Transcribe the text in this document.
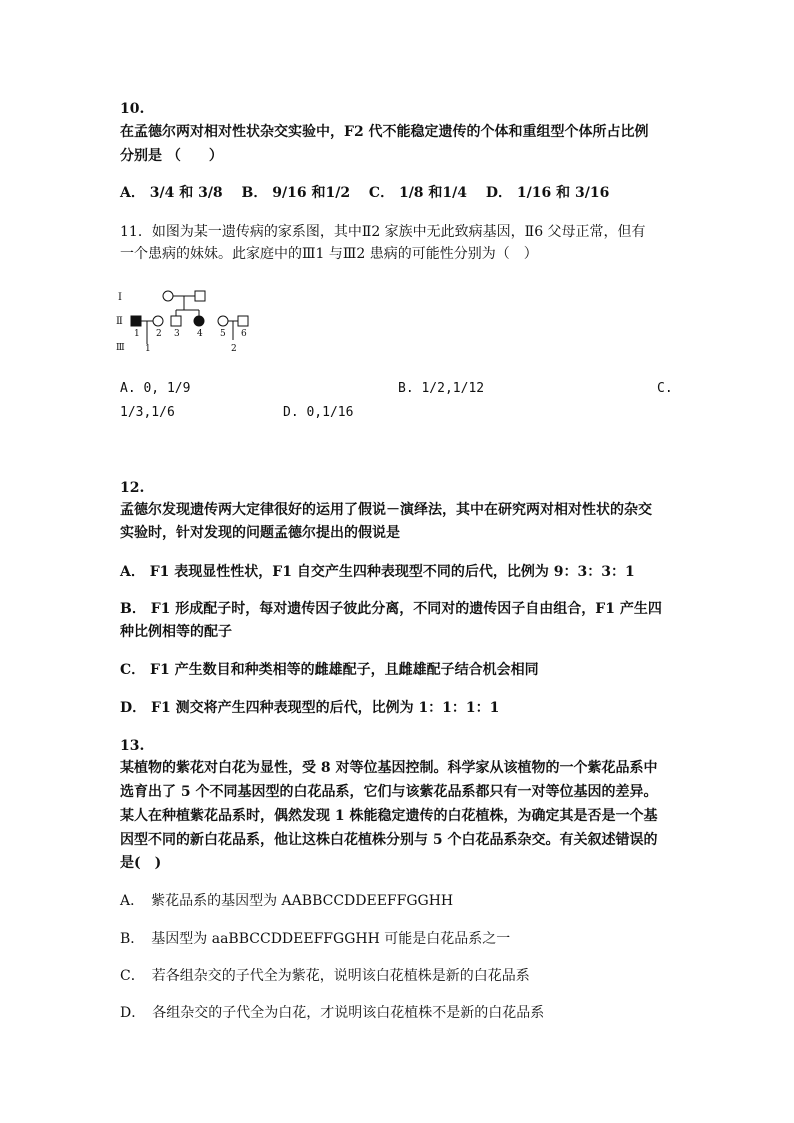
10.
在孟德尔两对相对性状杂交实验中，F2 代不能稳定遗传的个体和重组型个体所占比例
分别是 （　　）
A． 3/4 和 3/8　 B． 9/16 和1/2　 C． 1/8 和1/4　 D． 1/16 和 3/16
11．如图为某一遗传病的家系图，其中Ⅱ2 家族中无此致病基因，Ⅱ6 父母正常，但有
一个患病的妹妹。此家庭中的Ⅲ1 与Ⅲ2 患病的可能性分别为（　）
Ⅰ
Ⅱ
Ⅲ
1 2 3 4 5 6
1	2
A. 0, 1/9	B. 1/2,1/12	C.
1/3,1/6	D. 0,1/16
12.
孟德尔发现遗传两大定律很好的运用了假说－演绎法，其中在研究两对相对性状的杂交
实验时，针对发现的问题孟德尔提出的假说是
A． F1 表现显性性状，F1 自交产生四种表现型不同的后代，比例为 9：3：3：1
B． F1 形成配子时，每对遗传因子彼此分离，不同对的遗传因子自由组合，F1 产生四
种比例相等的配子
C． F1 产生数目和种类相等的雌雄配子，且雌雄配子结合机会相同
D． F1 测交将产生四种表现型的后代，比例为 1：1：1：1
13.
某植物的紫花对白花为显性，受 8 对等位基因控制。科学家从该植物的一个紫花品系中
选育出了 5 个不同基因型的白花品系，它们与该紫花品系都只有一对等位基因的差异。
某人在种植紫花品系时，偶然发现 1 株能稳定遗传的白花植株，为确定其是否是一个基
因型不同的新白花品系，他让这株白花植株分别与 5 个白花品系杂交。有关叙述错误的
是(　)
A．　紫花品系的基因型为 AABBCCDDEEFFGGHH
B．　基因型为 aaBBCCDDEEFFGGHH 可能是白花品系之一
C．　若各组杂交的子代全为紫花，说明该白花植株是新的白花品系
D．　各组杂交的子代全为白花，才说明该白花植株不是新的白花品系
